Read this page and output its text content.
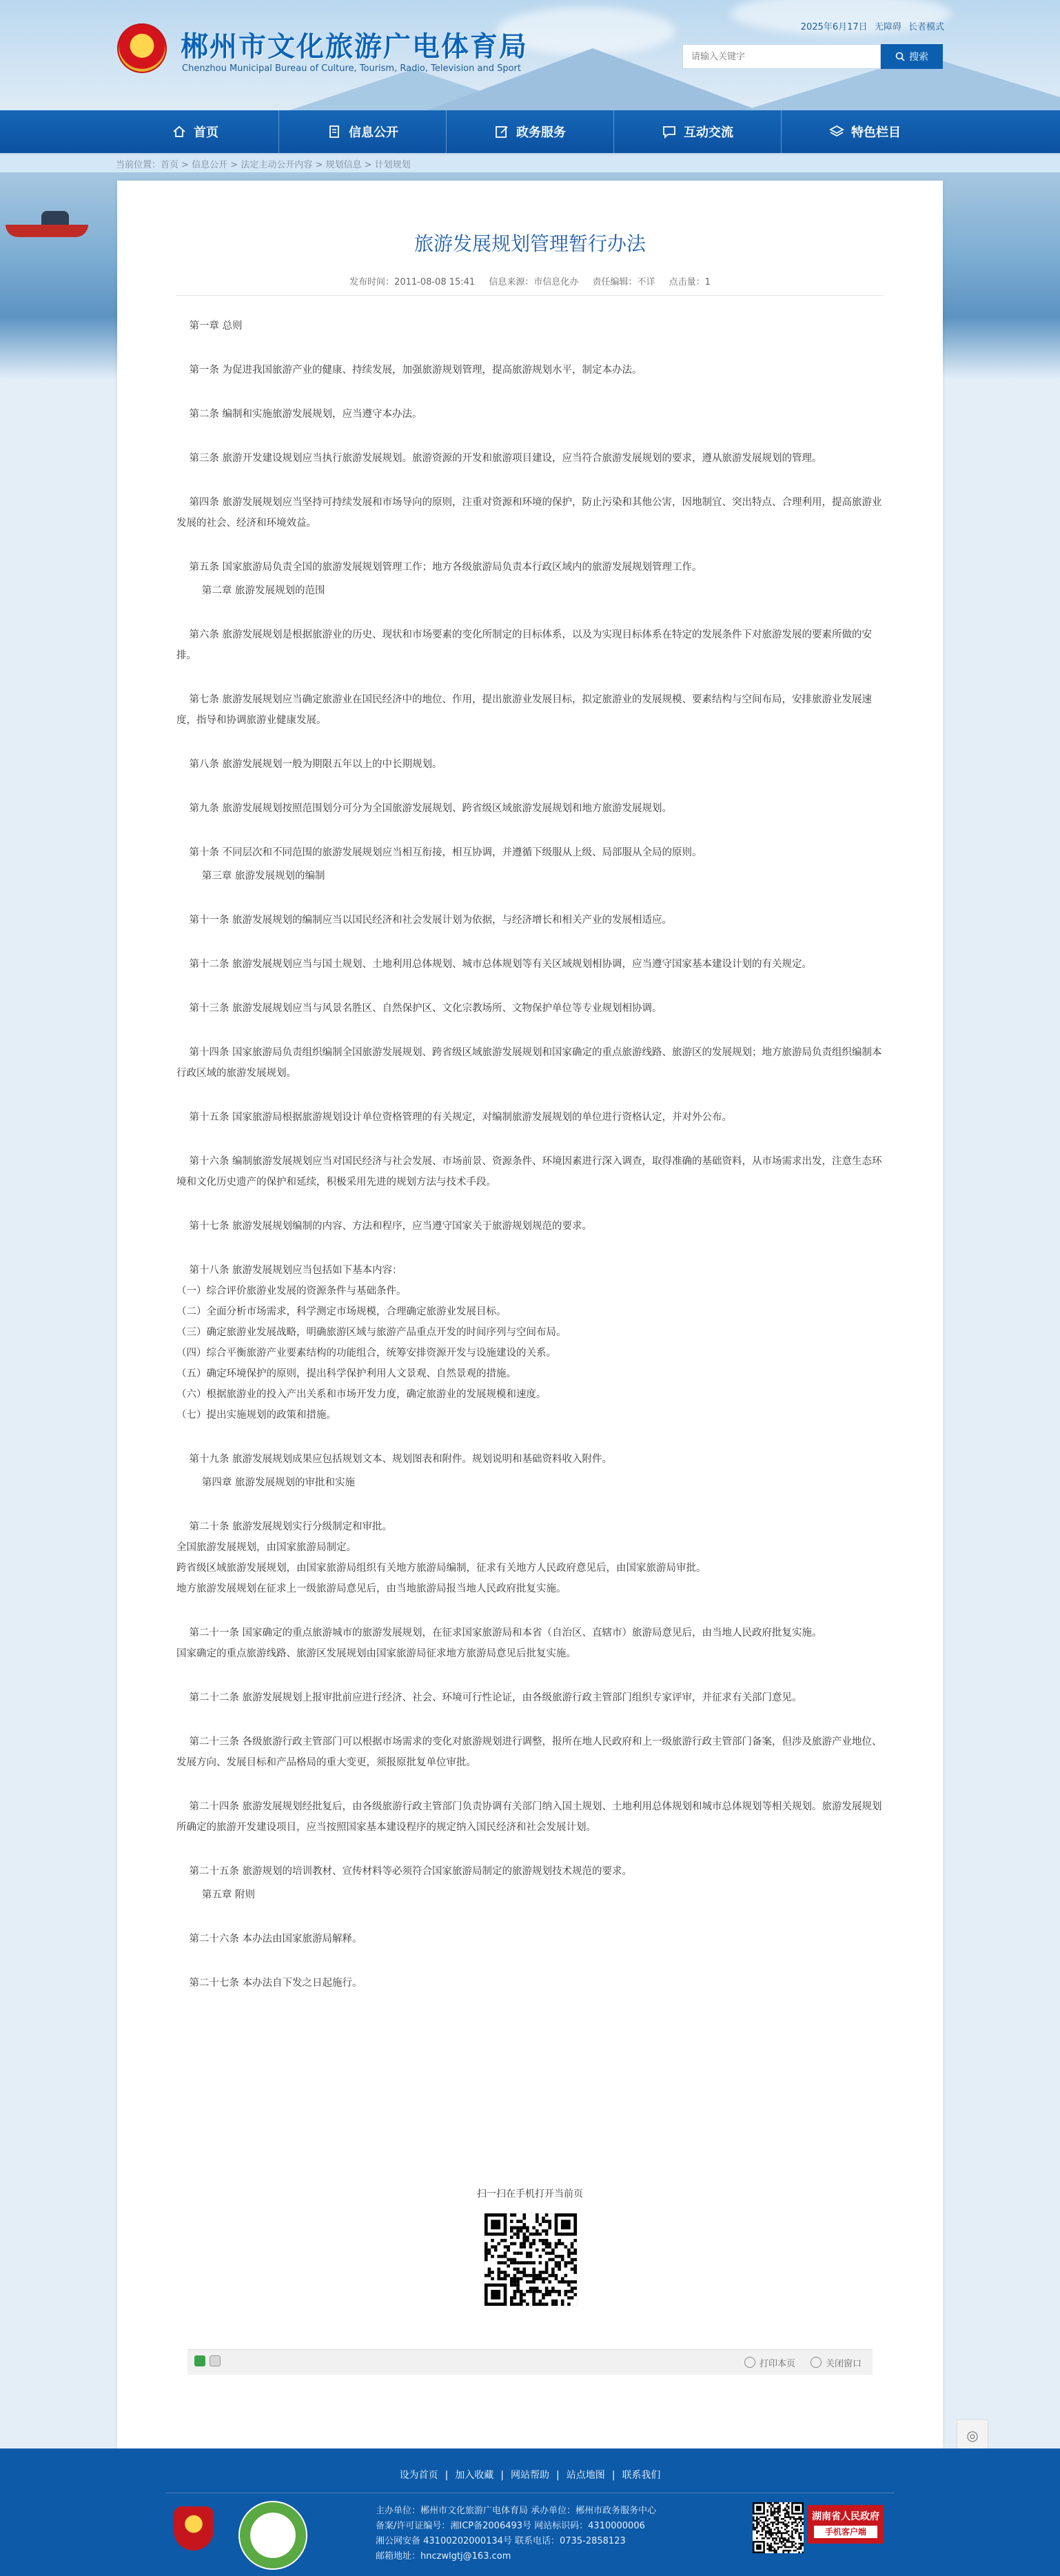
郴州市文化旅游广电体育局
Chenzhou Municipal Bureau of Culture, Tourism, Radio, Television and Sport
2025年6月17日 无障碍 长者模式
请输入关键字
搜索
首页	信息公开	政务服务	互动交流	特色栏目
当前位置：首页 > 信息公开 > 法定主动公开内容 > 规划信息 > 计划规划
旅游发展规划管理暂行办法
发布时间：2011-08-08 15:41 信息来源：市信息化办 责任编辑：不详 点击量：1

第一章 总则

第一条 为促进我国旅游产业的健康、持续发展，加强旅游规划管理，提高旅游规划水平，制定本办法。

第二条 编制和实施旅游发展规划，应当遵守本办法。

第三条 旅游开发建设规划应当执行旅游发展规划。旅游资源的开发和旅游项目建设，应当符合旅游发展规划的要求，遵从旅游发展规划的管理。

第四条 旅游发展规划应当坚持可持续发展和市场导向的原则，注重对资源和环境的保护，防止污染和其他公害，因地制宜、突出特点、合理利用，提高旅游业发展的社会、经济和环境效益。

第五条 国家旅游局负责全国的旅游发展规划管理工作；地方各级旅游局负责本行政区域内的旅游发展规划管理工作。

第二章 旅游发展规划的范围

第六条 旅游发展规划是根据旅游业的历史、现状和市场要素的变化所制定的目标体系，以及为实现目标体系在特定的发展条件下对旅游发展的要素所做的安排。

第七条 旅游发展规划应当确定旅游业在国民经济中的地位、作用，提出旅游业发展目标，拟定旅游业的发展规模、要素结构与空间布局，安排旅游业发展速度，指导和协调旅游业健康发展。

第八条 旅游发展规划一般为期限五年以上的中长期规划。

第九条 旅游发展规划按照范围划分可分为全国旅游发展规划、跨省级区域旅游发展规划和地方旅游发展规划。

第十条 不同层次和不同范围的旅游发展规划应当相互衔接，相互协调，并遵循下级服从上级、局部服从全局的原则。

第三章 旅游发展规划的编制

第十一条 旅游发展规划的编制应当以国民经济和社会发展计划为依据，与经济增长和相关产业的发展相适应。

第十二条 旅游发展规划应当与国土规划、土地利用总体规划、城市总体规划等有关区域规划相协调，应当遵守国家基本建设计划的有关规定。

第十三条 旅游发展规划应当与风景名胜区、自然保护区、文化宗教场所、文物保护单位等专业规划相协调。

第十四条 国家旅游局负责组织编制全国旅游发展规划、跨省级区域旅游发展规划和国家确定的重点旅游线路、旅游区的发展规划；地方旅游局负责组织编制本行政区域的旅游发展规划。

第十五条 国家旅游局根据旅游规划设计单位资格管理的有关规定，对编制旅游发展规划的单位进行资格认定，并对外公布。

第十六条 编制旅游发展规划应当对国民经济与社会发展、市场前景、资源条件、环境因素进行深入调查，取得准确的基础资料，从市场需求出发，注意生态环境和文化历史遗产的保护和延续，积极采用先进的规划方法与技术手段。

第十七条 旅游发展规划编制的内容、方法和程序，应当遵守国家关于旅游规划规范的要求。

第十八条 旅游发展规划应当包括如下基本内容：

（一）综合评价旅游业发展的资源条件与基础条件。

（二）全面分析市场需求，科学测定市场规模，合理确定旅游业发展目标。

（三）确定旅游业发展战略，明确旅游区域与旅游产品重点开发的时间序列与空间布局。

（四）综合平衡旅游产业要素结构的功能组合，统筹安排资源开发与设施建设的关系。

（五）确定环境保护的原则，提出科学保护利用人文景观、自然景观的措施。

（六）根据旅游业的投入产出关系和市场开发力度，确定旅游业的发展规模和速度。

（七）提出实施规划的政策和措施。

第十九条 旅游发展规划成果应包括规划文本、规划图表和附件。规划说明和基础资料收入附件。

第四章 旅游发展规划的审批和实施

第二十条 旅游发展规划实行分级制定和审批。

全国旅游发展规划，由国家旅游局制定。

跨省级区域旅游发展规划，由国家旅游局组织有关地方旅游局编制，征求有关地方人民政府意见后，由国家旅游局审批。

地方旅游发展规划在征求上一级旅游局意见后，由当地旅游局报当地人民政府批复实施。

第二十一条 国家确定的重点旅游城市的旅游发展规划，在征求国家旅游局和本省（自治区、直辖市）旅游局意见后，由当地人民政府批复实施。

国家确定的重点旅游线路、旅游区发展规划由国家旅游局征求地方旅游局意见后批复实施。

第二十二条 旅游发展规划上报审批前应进行经济、社会、环境可行性论证，由各级旅游行政主管部门组织专家评审，并征求有关部门意见。

第二十三条 各级旅游行政主管部门可以根据市场需求的变化对旅游规划进行调整，报所在地人民政府和上一级旅游行政主管部门备案，但涉及旅游产业地位、发展方向、发展目标和产品格局的重大变更，须报原批复单位审批。

第二十四条 旅游发展规划经批复后，由各级旅游行政主管部门负责协调有关部门纳入国土规划、土地利用总体规划和城市总体规划等相关规划。旅游发展规划所确定的旅游开发建设项目，应当按照国家基本建设程序的规定纳入国民经济和社会发展计划。

第二十五条 旅游规划的培训教材、宣传材料等必须符合国家旅游局制定的旅游规划技术规范的要求。

第五章 附则

第二十六条 本办法由国家旅游局解释。

第二十七条 本办法自下发之日起施行。

扫一扫在手机打开当前页
打印本页	关闭窗口
◎
设为首页 | 加入收藏 | 网站帮助 | 站点地图 | 联系我们

主办单位：郴州市文化旅游广电体育局 承办单位：郴州市政务服务中心

备案/许可证编号：湘ICP备2006493号 网站标识码：4310000006

湘公网安备 43100202000134号 联系电话：0735-2858123

邮箱地址：hnczwlgtj@163.com

湖南省人民政府
手机客户端
